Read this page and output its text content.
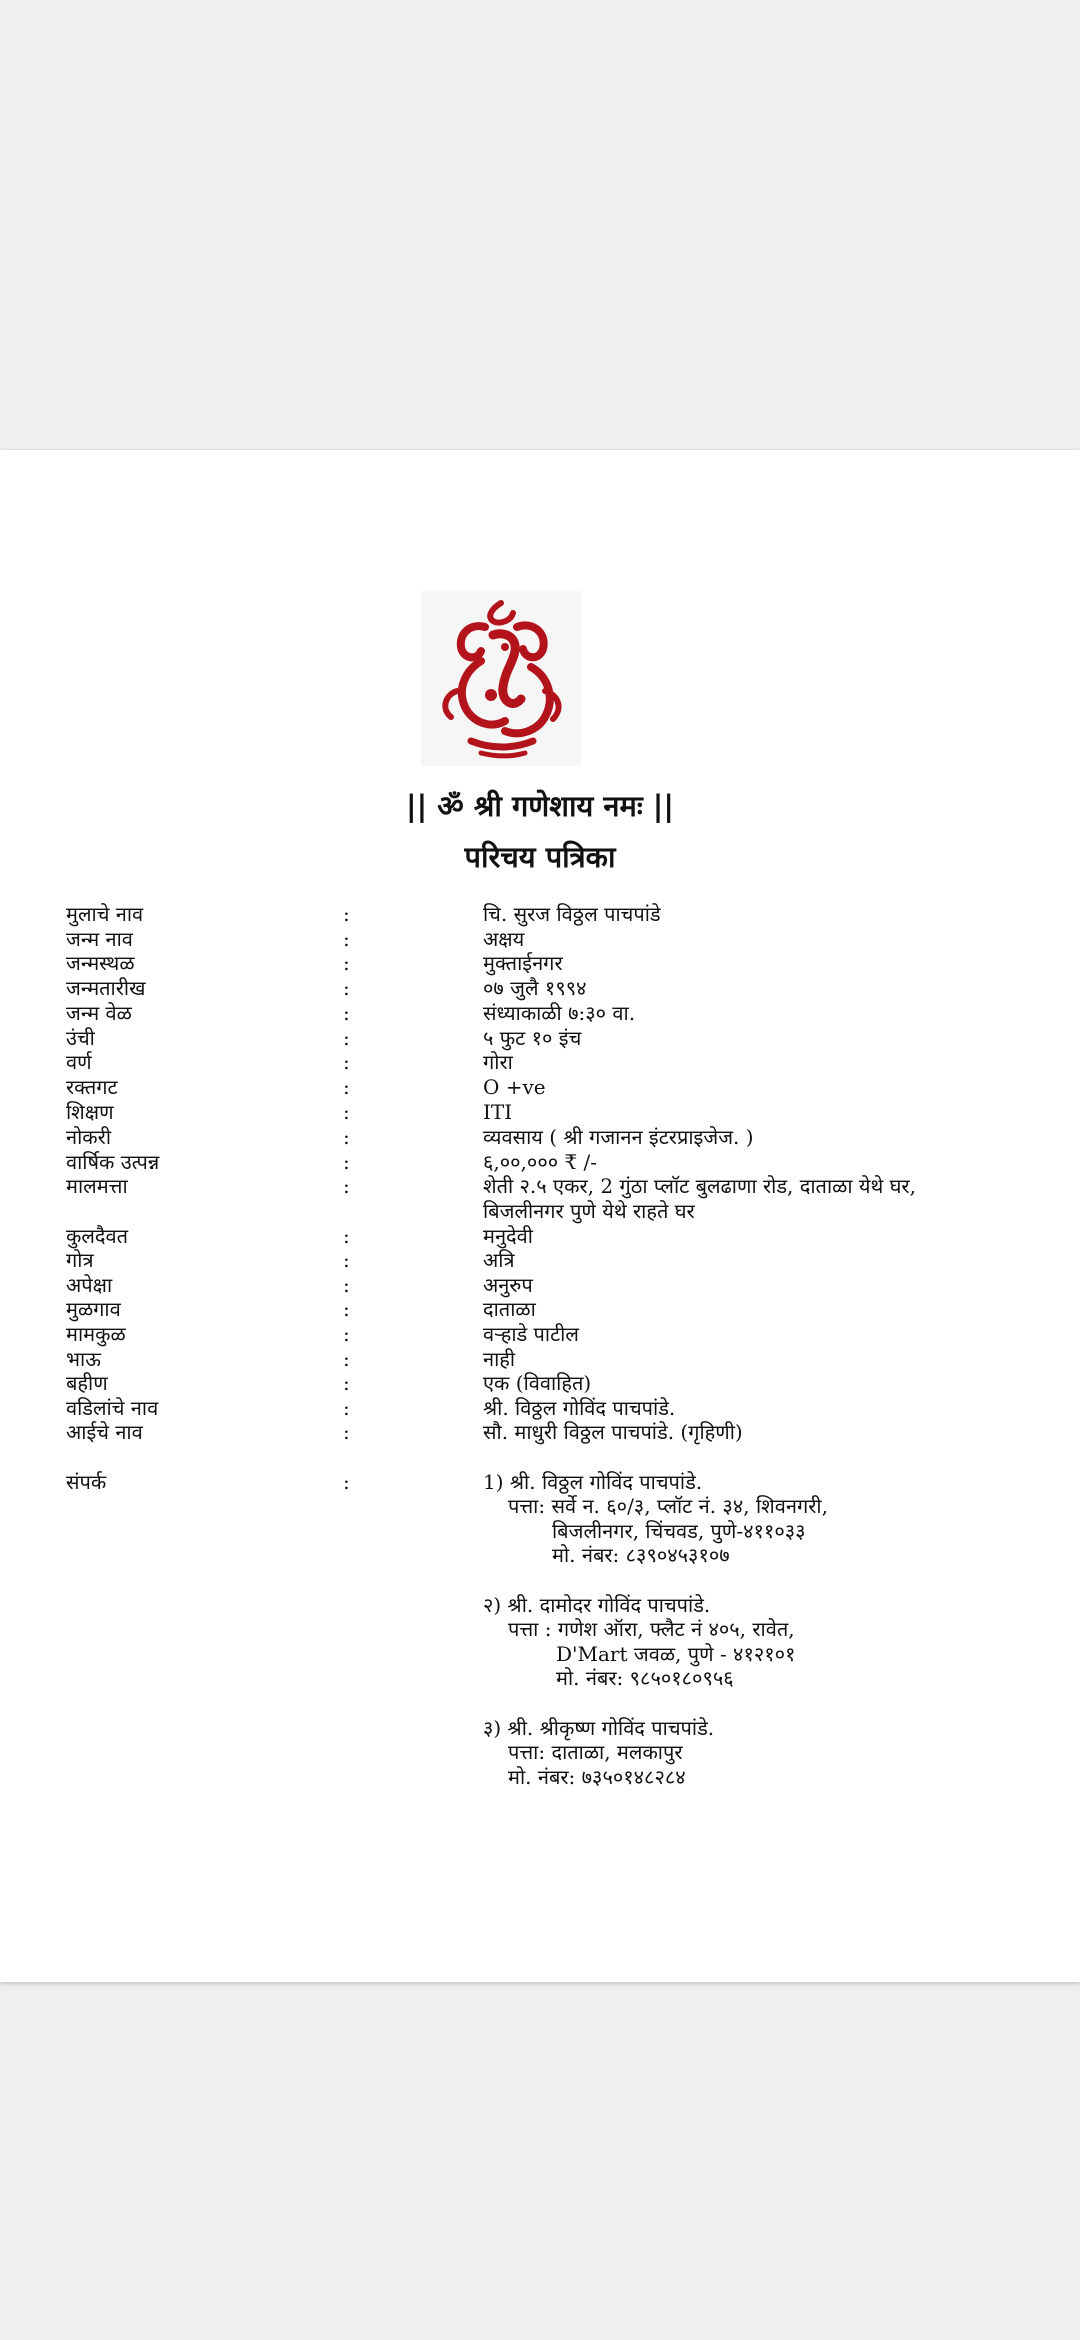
|| ॐ श्री गणेशाय नमः ||
परिचय पत्रिका
मुलाचे नाव	:	चि. सुरज विठ्ठल पाचपांडे
जन्म नाव	:	अक्षय
जन्मस्थळ	:	मुक्ताईनगर
जन्मतारीख	:	०७ जुलै १९९४
जन्म वेळ	:	संध्याकाळी ७:३० वा.
उंची	:	५ फुट १० इंच
वर्ण	:	गोरा
रक्तगट	:	O +ve
शिक्षण	:	ITI
नोकरी	:	व्यवसाय ( श्री गजानन इंटरप्राइजेज. )
वार्षिक उत्पन्न	:	६,००,००० ₹ /-
मालमत्ता	:	शेती २.५ एकर, 2 गुंठा प्लॉट बुलढाणा रोड, दाताळा येथे घर,
बिजलीनगर पुणे येथे राहते घर
कुलदैवत	:	मनुदेवी
गोत्र	:	अत्रि
अपेक्षा	:	अनुरुप
मुळगाव	:	दाताळा
मामकुळ	:	वऱ्हाडे पाटील
भाऊ	:	नाही
बहीण	:	एक (विवाहित)
वडिलांचे नाव	:	श्री. विठ्ठल गोविंद पाचपांडे.
आईचे नाव	:	सौ. माधुरी विठ्ठल पाचपांडे. (गृहिणी)
संपर्क	:	1) श्री. विठ्ठल गोविंद पाचपांडे.
पत्ता: सर्वे न. ६०/३, प्लॉट नं. ३४, शिवनगरी,
बिजलीनगर, चिंचवड, पुणे-४११०३३
मो. नंबर: ८३९०४५३१०७
२) श्री. दामोदर गोविंद पाचपांडे.
पत्ता : गणेश ऑरा, फ्लैट नं ४०५, रावेत,
D'Mart जवळ, पुणे - ४१२१०१
मो. नंबर: ९८५०१८०९५६
३) श्री. श्रीकृष्ण गोविंद पाचपांडे.
पत्ता: दाताळा, मलकापुर
मो. नंबर: ७३५०१४८२८४
